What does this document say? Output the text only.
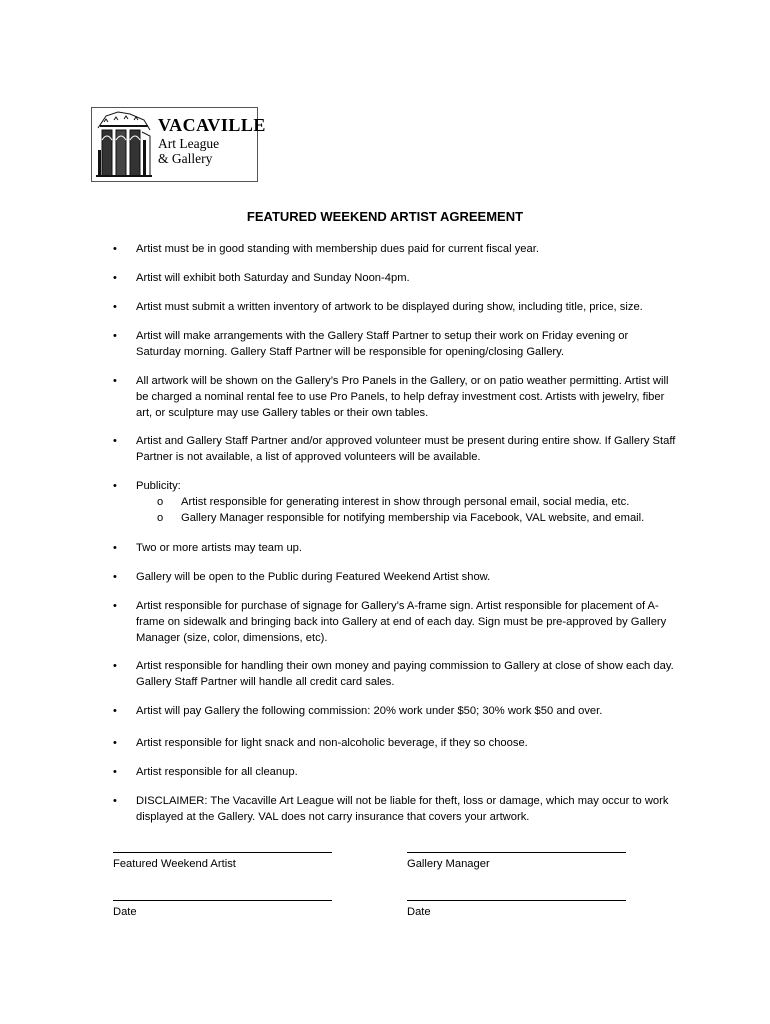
VACAVILLE
Art League
& Gallery
FEATURED WEEKEND ARTIST AGREEMENT
• Artist must be in good standing with membership dues paid for current fiscal year.
• Artist will exhibit both Saturday and Sunday Noon-4pm.
• Artist must submit a written inventory of artwork to be displayed during show, including title, price, size.
• Artist will make arrangements with the Gallery Staff Partner to setup their work on Friday evening or Saturday morning. Gallery Staff Partner will be responsible for opening/closing Gallery.
• All artwork will be shown on the Gallery’s Pro Panels in the Gallery, or on patio weather permitting. Artist will be charged a nominal rental fee to use Pro Panels, to help defray investment cost. Artists with jewelry, fiber art, or sculpture may use Gallery tables or their own tables.
• Artist and Gallery Staff Partner and/or approved volunteer must be present during entire show. If Gallery Staff Partner is not available, a list of approved volunteers will be available.
• Publicity:
o Artist responsible for generating interest in show through personal email, social media, etc.
o Gallery Manager responsible for notifying membership via Facebook, VAL website, and email.
• Two or more artists may team up.
• Gallery will be open to the Public during Featured Weekend Artist show.
• Artist responsible for purchase of signage for Gallery’s A-frame sign. Artist responsible for placement of A-frame on sidewalk and bringing back into Gallery at end of each day. Sign must be pre-approved by Gallery Manager (size, color, dimensions, etc).
• Artist responsible for handling their own money and paying commission to Gallery at close of show each day. Gallery Staff Partner will handle all credit card sales.
• Artist will pay Gallery the following commission: 20% work under $50; 30% work $50 and over.
• Artist responsible for light snack and non-alcoholic beverage, if they so choose.
• Artist responsible for all cleanup.
• DISCLAIMER: The Vacaville Art League will not be liable for theft, loss or damage, which may occur to work displayed at the Gallery. VAL does not carry insurance that covers your artwork.
Featured Weekend Artist	Gallery Manager
Date	Date
